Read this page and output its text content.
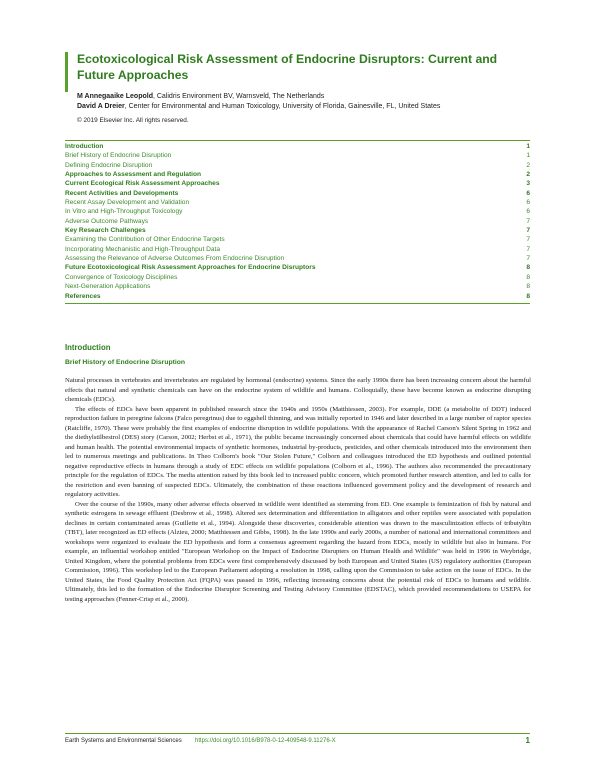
Ecotoxicological Risk Assessment of Endocrine Disruptors: Current and Future Approaches
M Annegaaike Leopold, Calidris Environment BV, Warnsveld, The Netherlands
David A Dreier, Center for Environmental and Human Toxicology, University of Florida, Gainesville, FL, United States
© 2019 Elsevier Inc. All rights reserved.
Introduction	1
Brief History of Endocrine Disruption	1
Defining Endocrine Disruption	2
Approaches to Assessment and Regulation	2
Current Ecological Risk Assessment Approaches	3
Recent Activities and Developments	6
Recent Assay Development and Validation	6
In Vitro and High-Throughput Toxicology	6
Adverse Outcome Pathways	7
Key Research Challenges	7
Examining the Contribution of Other Endocrine Targets	7
Incorporating Mechanistic and High-Throughput Data	7
Assessing the Relevance of Adverse Outcomes From Endocrine Disruption	7
Future Ecotoxicological Risk Assessment Approaches for Endocrine Disruptors	8
Convergence of Toxicology Disciplines	8
Next-Generation Applications	8
References	8
Introduction
Brief History of Endocrine Disruption

Natural processes in vertebrates and invertebrates are regulated by hormonal (endocrine) systems. Since the early 1990s there has been increasing concern about the harmful effects that natural and synthetic chemicals can have on the endocrine system of wildlife and humans. Colloquially, these have become known as endocrine disrupting chemicals (EDCs).

The effects of EDCs have been apparent in published research since the 1940s and 1950s (Matthiessen, 2003). For example, DDE (a metabolite of DDT) induced reproduction failure in peregrine falcons (Falco peregrinus) due to eggshell thinning, and was initially reported in 1946 and later described in a large number of raptor species (Ratcliffe, 1970). These were probably the first examples of endocrine disruption in wildlife populations. With the appearance of Rachel Carson's Silent Spring in 1962 and the diethylstilbestrol (DES) story (Carson, 2002; Herbst et al., 1971), the public became increasingly concerned about chemicals that could have harmful effects on wildlife and human health. The potential environmental impacts of synthetic hormones, industrial by-products, pesticides, and other chemicals introduced into the environment then led to numerous meetings and publications. In Theo Colborn's book "Our Stolen Future," Colborn and colleagues introduced the ED hypothesis and outlined potential negative reproductive effects in humans through a study of EDC effects on wildlife populations (Colborn et al., 1996). The authors also recommended the precautionary principle for the regulation of EDCs. The media attention raised by this book led to increased public concern, which promoted further research attention, and led to calls for the restriction and even banning of suspected EDCs. Ultimately, the combination of these reactions influenced government policy and the development of research and regulatory activities.

Over the course of the 1990s, many other adverse effects observed in wildlife were identified as stemming from ED. One example is feminization of fish by natural and synthetic estrogens in sewage effluent (Desbrow et al., 1998). Altered sex determination and differentiation in alligators and other reptiles were associated with population declines in certain contaminated areas (Guillette et al., 1994). Alongside these discoveries, considerable attention was drawn to the masculinization effects of tributyltin (TBT), later recognized as ED effects (Alzieu, 2000; Matthiessen and Gibbs, 1998). In the late 1990s and early 2000s, a number of national and international committees and workshops were organized to evaluate the ED hypothesis and form a consensus agreement regarding the hazard from EDCs, mostly in wildlife but also in humans. For example, an influential workshop entitled "European Workshop on the Impact of Endocrine Disrupters on Human Health and Wildlife" was held in 1996 in Weybridge, United Kingdom, where the potential problems from EDCs were first comprehensively discussed by both European and United States (US) regulatory authorities (European Commission, 1996). This workshop led to the European Parliament adopting a resolution in 1998, calling upon the Commission to take action on the issue of EDCs. In the United States, the Food Quality Protection Act (FQPA) was passed in 1996, reflecting increasing concerns about the potential risk of EDCs to humans and wildlife. Ultimately, this led to the formation of the Endocrine Disruptor Screening and Testing Advisory Committee (EDSTAC), which provided recommendations to USEPA for testing approaches (Fenner-Crisp et al., 2000).

Earth Systems and Environmental Sciences https://doi.org/10.1016/B978-0-12-409548-9.11276-X	1
